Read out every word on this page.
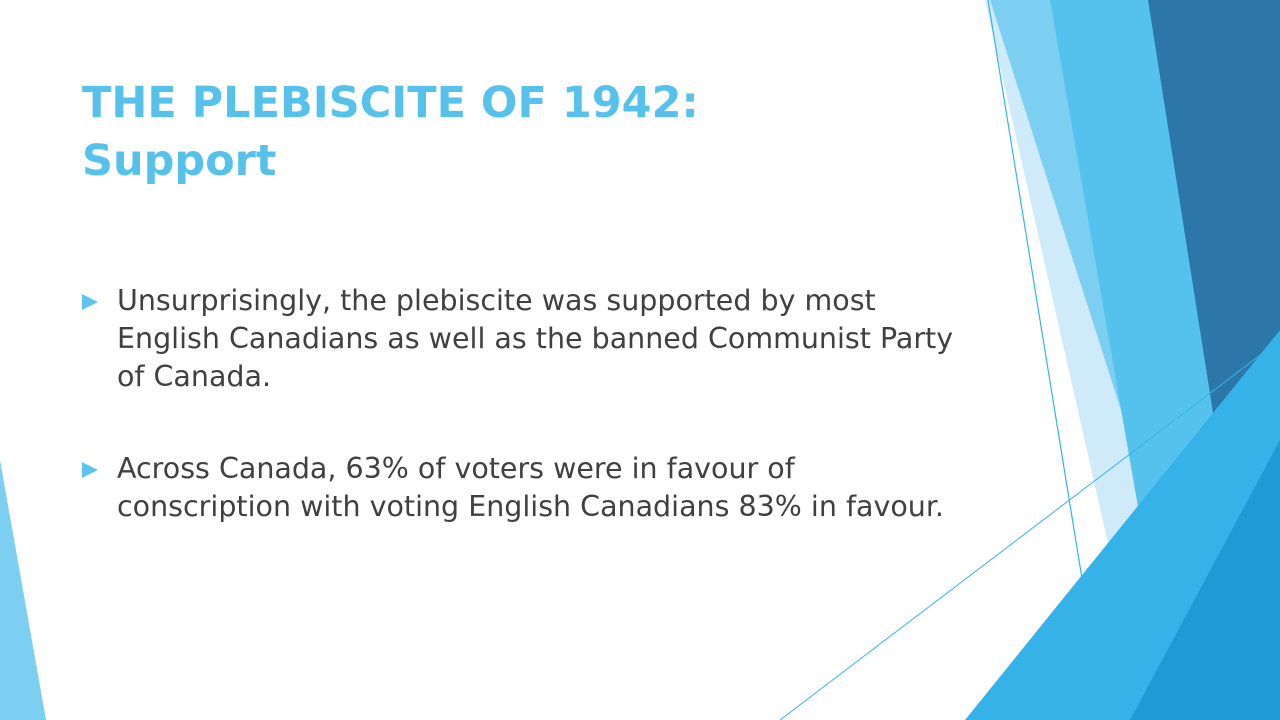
THE PLEBISCITE OF 1942:
Support
Unsurprisingly, the plebiscite was supported by most English Canadians as well as the banned Communist Party of Canada.
Across Canada, 63% of voters were in favour of conscription with voting English Canadians 83% in favour.
